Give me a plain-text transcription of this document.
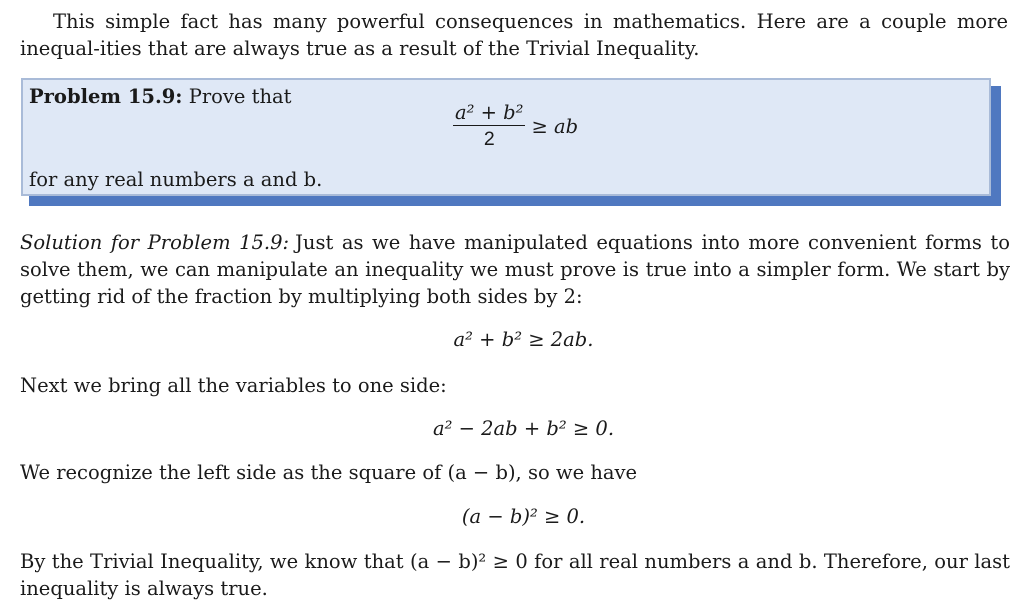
This simple fact has many powerful consequences in mathematics. Here are a couple more inequal-ities that are always true as a result of the Trivial Inequality.

Problem 15.9: Prove that
$\frac{\text{a² + b²}}{2}$ ≥ ab
for any real numbers a and b.

Solution for Problem 15.9: Just as we have manipulated equations into more convenient forms to solve them, we can manipulate an inequality we must prove is true into a simpler form. We start by getting rid of the fraction by multiplying both sides by 2:

a² + b² ≥ 2ab.

Next we bring all the variables to one side:

a² − 2ab + b² ≥ 0.

We recognize the left side as the square of (a − b), so we have

(a − b)² ≥ 0.

By the Trivial Inequality, we know that (a − b)² ≥ 0 for all real numbers a and b. Therefore, our last inequality is always true.
